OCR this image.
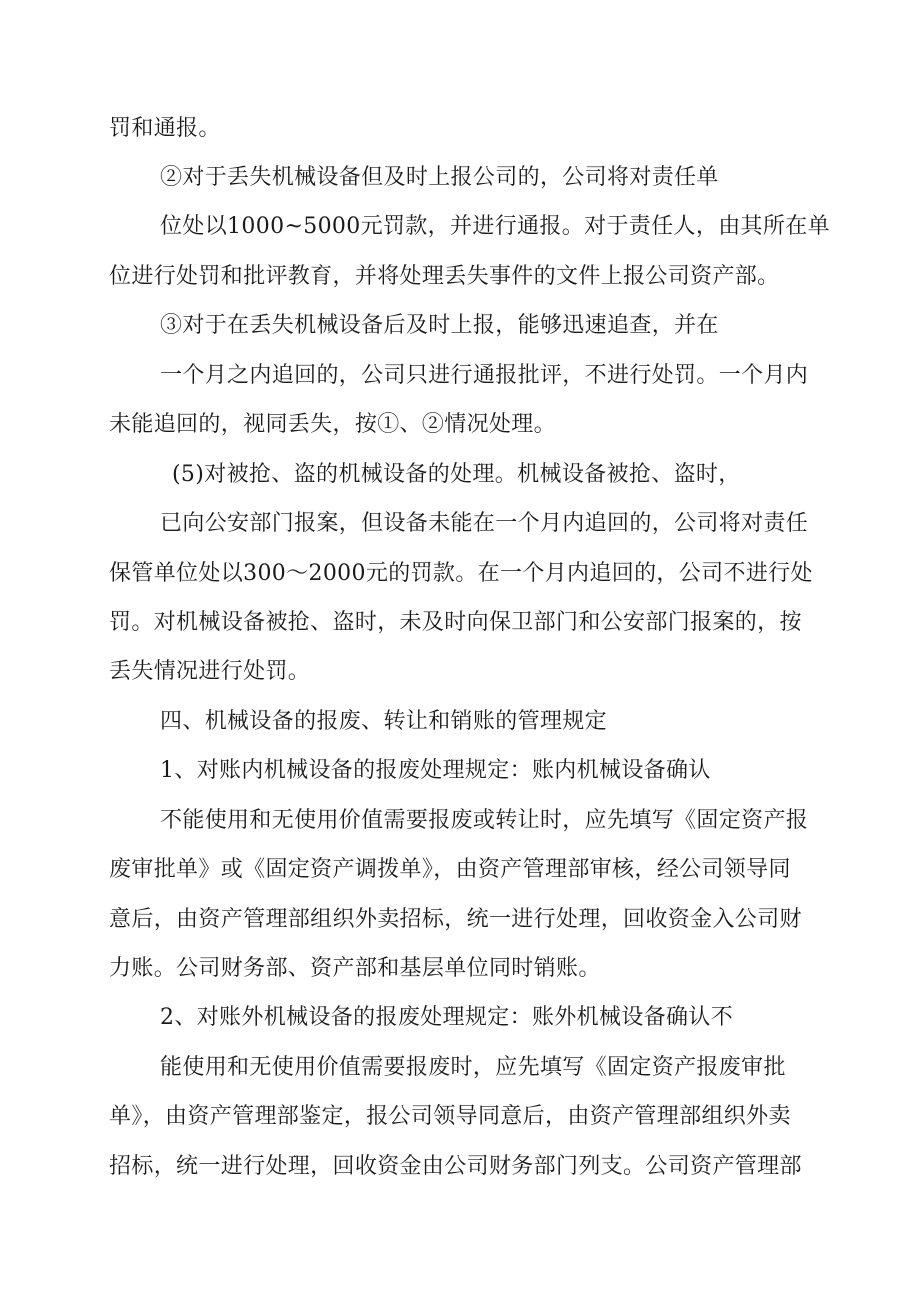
罚和通报。
②对于丢失机械设备但及时上报公司的，公司将对责任单
位处以1000~5000元罚款，并进行通报。对于责任人，由其所在单
位进行处罚和批评教育，并将处理丢失事件的文件上报公司资产部。
③对于在丢失机械设备后及时上报，能够迅速追查，并在
一个月之内追回的，公司只进行通报批评，不进行处罚。一个月内
未能追回的，视同丢失，按①、②情况处理。
(5)对被抢、盗的机械设备的处理。机械设备被抢、盗时，
已向公安部门报案，但设备未能在一个月内追回的，公司将对责任
保管单位处以300～2000元的罚款。在一个月内追回的，公司不进行处
罚。对机械设备被抢、盗时，未及时向保卫部门和公安部门报案的，按
丢失情况进行处罚。
四、机械设备的报废、转让和销账的管理规定
1、对账内机械设备的报废处理规定：账内机械设备确认
不能使用和无使用价值需要报废或转让时，应先填写《固定资产报
废审批单》或《固定资产调拨单》，由资产管理部审核，经公司领导同
意后，由资产管理部组织外卖招标，统一进行处理，回收资金入公司财
力账。公司财务部、资产部和基层单位同时销账。
2、对账外机械设备的报废处理规定：账外机械设备确认不
能使用和无使用价值需要报废时，应先填写《固定资产报废审批
单》，由资产管理部鉴定，报公司领导同意后，由资产管理部组织外卖
招标，统一进行处理，回收资金由公司财务部门列支。公司资产管理部
